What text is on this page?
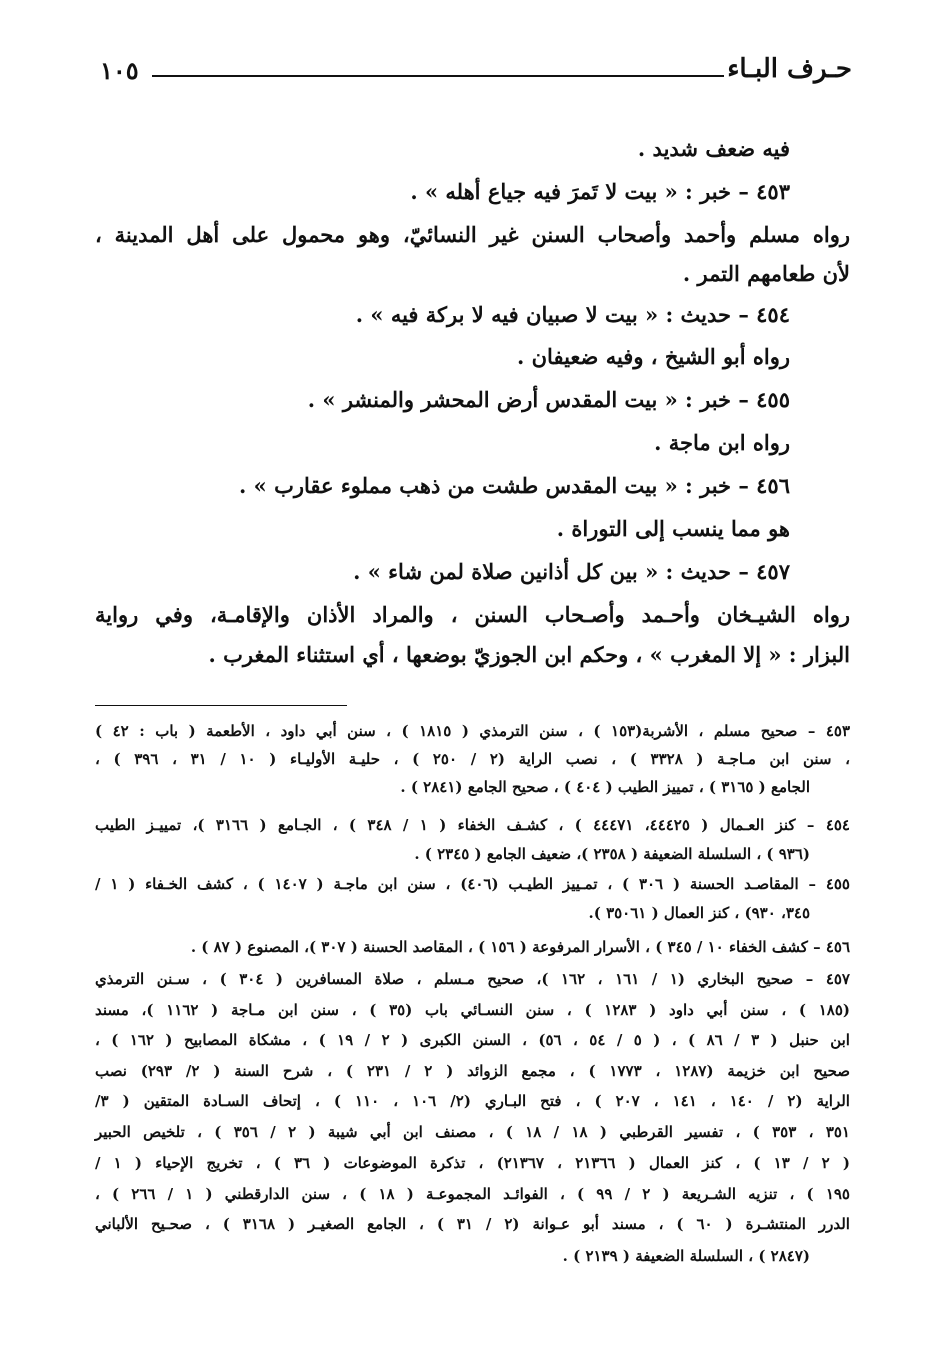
حـرف البـاء
١٠٥
فيه ضعف شديد .
٤٥٣ – خبر : « بيت لا تَمرَ فيه جياع أهله » .
رواه مسلم وأحمد وأصحاب السنن غير النسائيّ، وهو محمول على أهل المدينة ،
لأن طعامهم التمر .
٤٥٤ – حديث : « بيت لا صبيان فيه لا بركة فيه » .
رواه أبو الشيخ ، وفيه ضعيفان .
٤٥٥ – خبر : « بيت المقدس أرض المحشر والمنشر » .
رواه ابن ماجة .
٤٥٦ – خبر : « بيت المقدس طشت من ذهب مملوء عقارب » .
هو مما ينسب إلى التوراة .
٤٥٧ – حديث : « بين كل أذانين صلاة لمن شاء » .
رواه الشيـخان وأحـمد وأصـحاب السنن ، والمراد الأذان والإقامـة، وفي رواية
البزار : « إلا المغرب » ، وحكم ابن الجوزيّ بوضعها ، أي استثناء المغرب .
٤٥٣ – صحيح مسلم ، الأشربة(١٥٣ ) ، سنن الترمذي ( ١٨١٥ ) ، سنن أبي داود ، الأطعمة ( باب : ٤٢ )
، سنن ابن مـاجـة ( ٣٣٢٨ ) ، نصب الراية (٢ / ٢٥٠ ) ، حليـة الأوليـاء ( ١٠ / ٣١ ، ٣٩٦ ) ،
الجامع ( ٣١٦٥ ) ، تمييز الطيب ( ٤٠٤ ) ، صحيح الجامع (٢٨٤١ ) .
٤٥٤ – كنز العـمال ( ٤٤٤٢٥، ٤٤٤٧١ ) ، كشـف الخفاء ( ١ / ٣٤٨ ) ، الجـامع ( ٣١٦٦ )، تمييـز الطيب
(٩٣٦ ) ، السلسلة الضعيفة ( ٢٣٥٨ )، ضعيف الجامع ( ٢٣٤٥ ) .
٤٥٥ – المقاصـد الحسنة ( ٣٠٦ ) ، تمـييز الطيـب (٤٠٦) ، سنن ابن ماجـة ( ١٤٠٧ ) ، كشف الخـفاء ( ١ /
٣٤٥، ٩٣٠) ، كنز العمال ( ٣٥٠٦١ ).
٤٥٦ – كشف الخفاء ١٠ / ٣٤٥ ) ، الأسرار المرفوعة ( ١٥٦ ) ، المقاصد الحسنة ( ٣٠٧ )، المصنوع ( ٨٧ ) .
٤٥٧ – صحيح البخاري (١ / ١٦١ ، ١٦٢ )، صحيح مـسلم ، صلاة المسافرين ( ٣٠٤ ) ، سـنن الترمذي
(١٨٥ ) ، سنن أبي داود ( ١٢٨٣ ) ، سنن النسـائي باب (٣٥ ) ، سنن ابن مـاجة ( ١١٦٢ )، مسند
ابن حنبل ( ٣ / ٨٦ ) ، ( ٥ / ٥٤ ، ٥٦) ، السنن الكبرى ( ٢ / ١٩ ) ، مشكاة المصابيح ( ١٦٢ ) ،
صحيح ابن خزيمة (١٢٨٧ ، ١٧٧٣ ) ، مجمع الزوائد ( ٢ / ٢٣١ ) ، شرح السنة ( ٢/ ٢٩٣) نصب
الراية (٢ / ١٤٠ ، ١٤١ ، ٢٠٧ ) ، فتح البـاري (٢/ ١٠٦ ، ١١٠ ) ، إتحاف السـادة المتقين ( ٣/
٣٥١ ، ٣٥٣ ) ، تفسير القرطبي ( ١٨ / ١٨ ) ، مصنف ابن أبي شيبة ( ٢ / ٣٥٦ ) ، تلخيص الحبير
( ٢ / ١٣ ) ، كنز العمال ( ٢١٣٦٦ ، ٢١٣٦٧) ، تذكرة الموضوعات ( ٣٦ ) ، تخريج الإحياء ( ١ /
١٩٥ ) ، تنزيه الشـريعة ( ٢ / ٩٩ ) ، الفوائـد المجموعـة ( ١٨ ) ، سنن الدارقطني ( ١ / ٢٦٦ ) ،
الدرر المنتشـرة ( ٦٠ ) ، مسند أبو عـوانة (٢ / ٣١ ) ، الجامع الصغيـر ( ٣١٦٨ ) ، صحـيح الألباني
(٢٨٤٧ ) ، السلسلة الضعيفة ( ٢١٣٩ ) .
